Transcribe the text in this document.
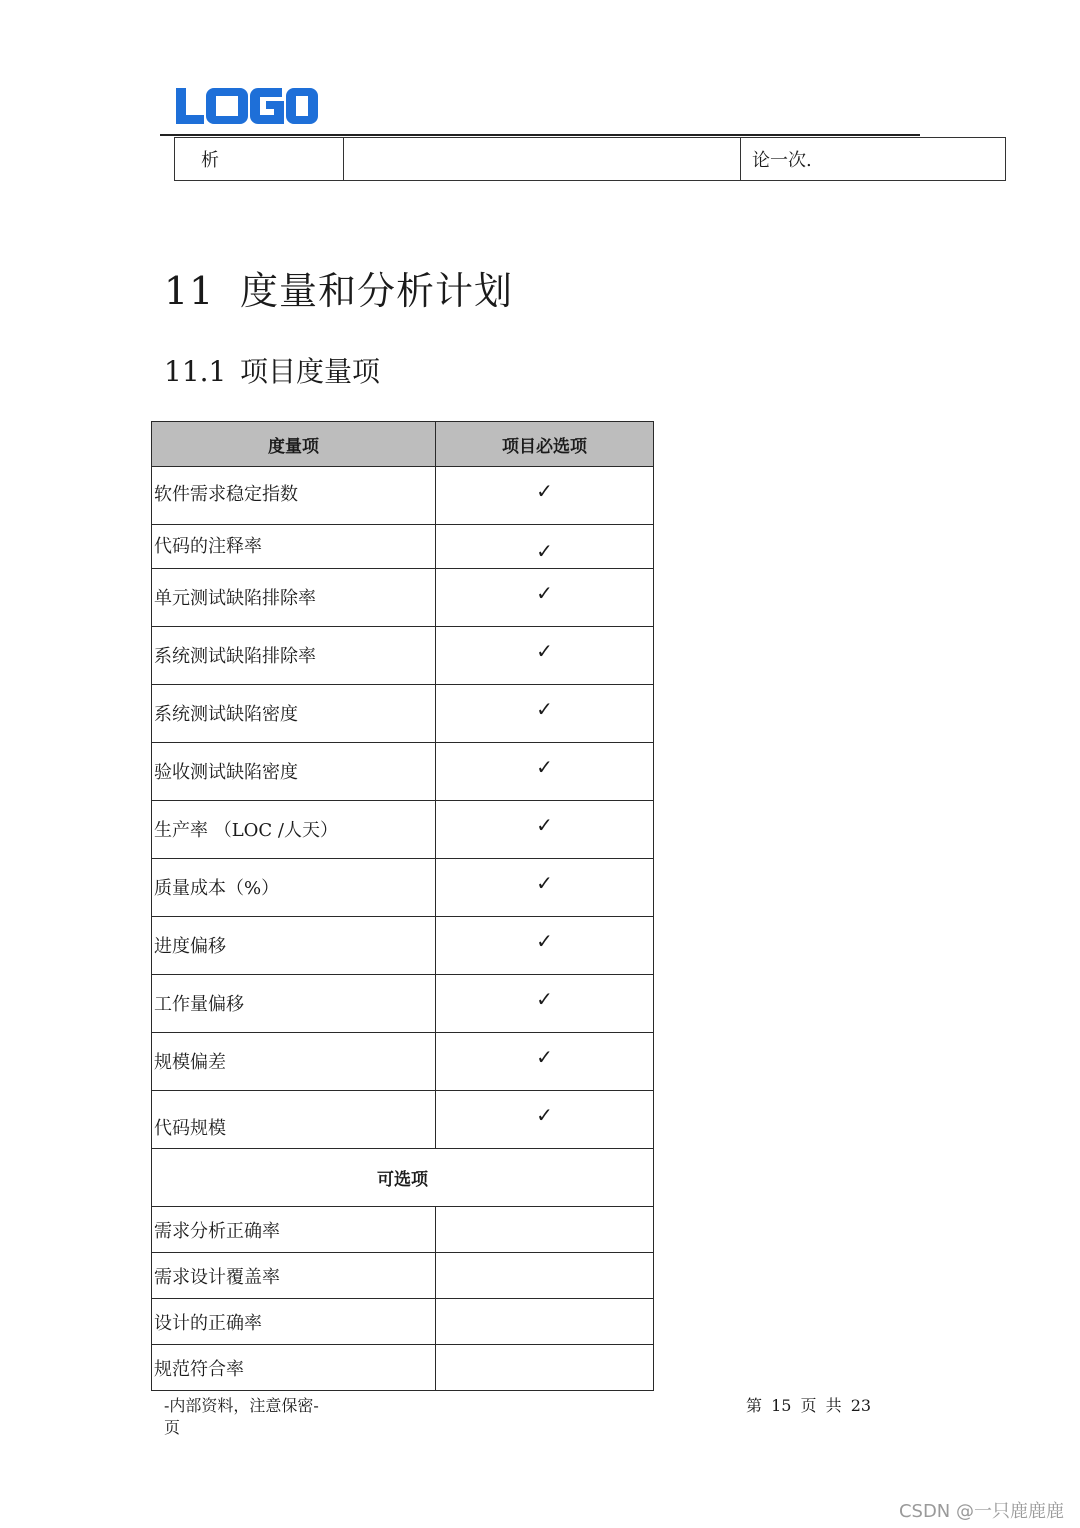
析	论一次.
11 度量和分析计划
11.1 项目度量项
度量项	项目必选项
软件需求稳定指数	✓
代码的注释率	✓
单元测试缺陷排除率	✓
系统测试缺陷排除率	✓
系统测试缺陷密度	✓
验收测试缺陷密度	✓
生产率 （LOC /人天）	✓
质量成本（%）	✓
进度偏移	✓
工作量偏移	✓
规模偏差	✓
代码规模	✓
可选项	
需求分析正确率	
需求设计覆盖率	
设计的正确率	
规范符合率	
-内部资料，注意保密-
页
第 15 页 共 23
CSDN @一只鹿鹿鹿
